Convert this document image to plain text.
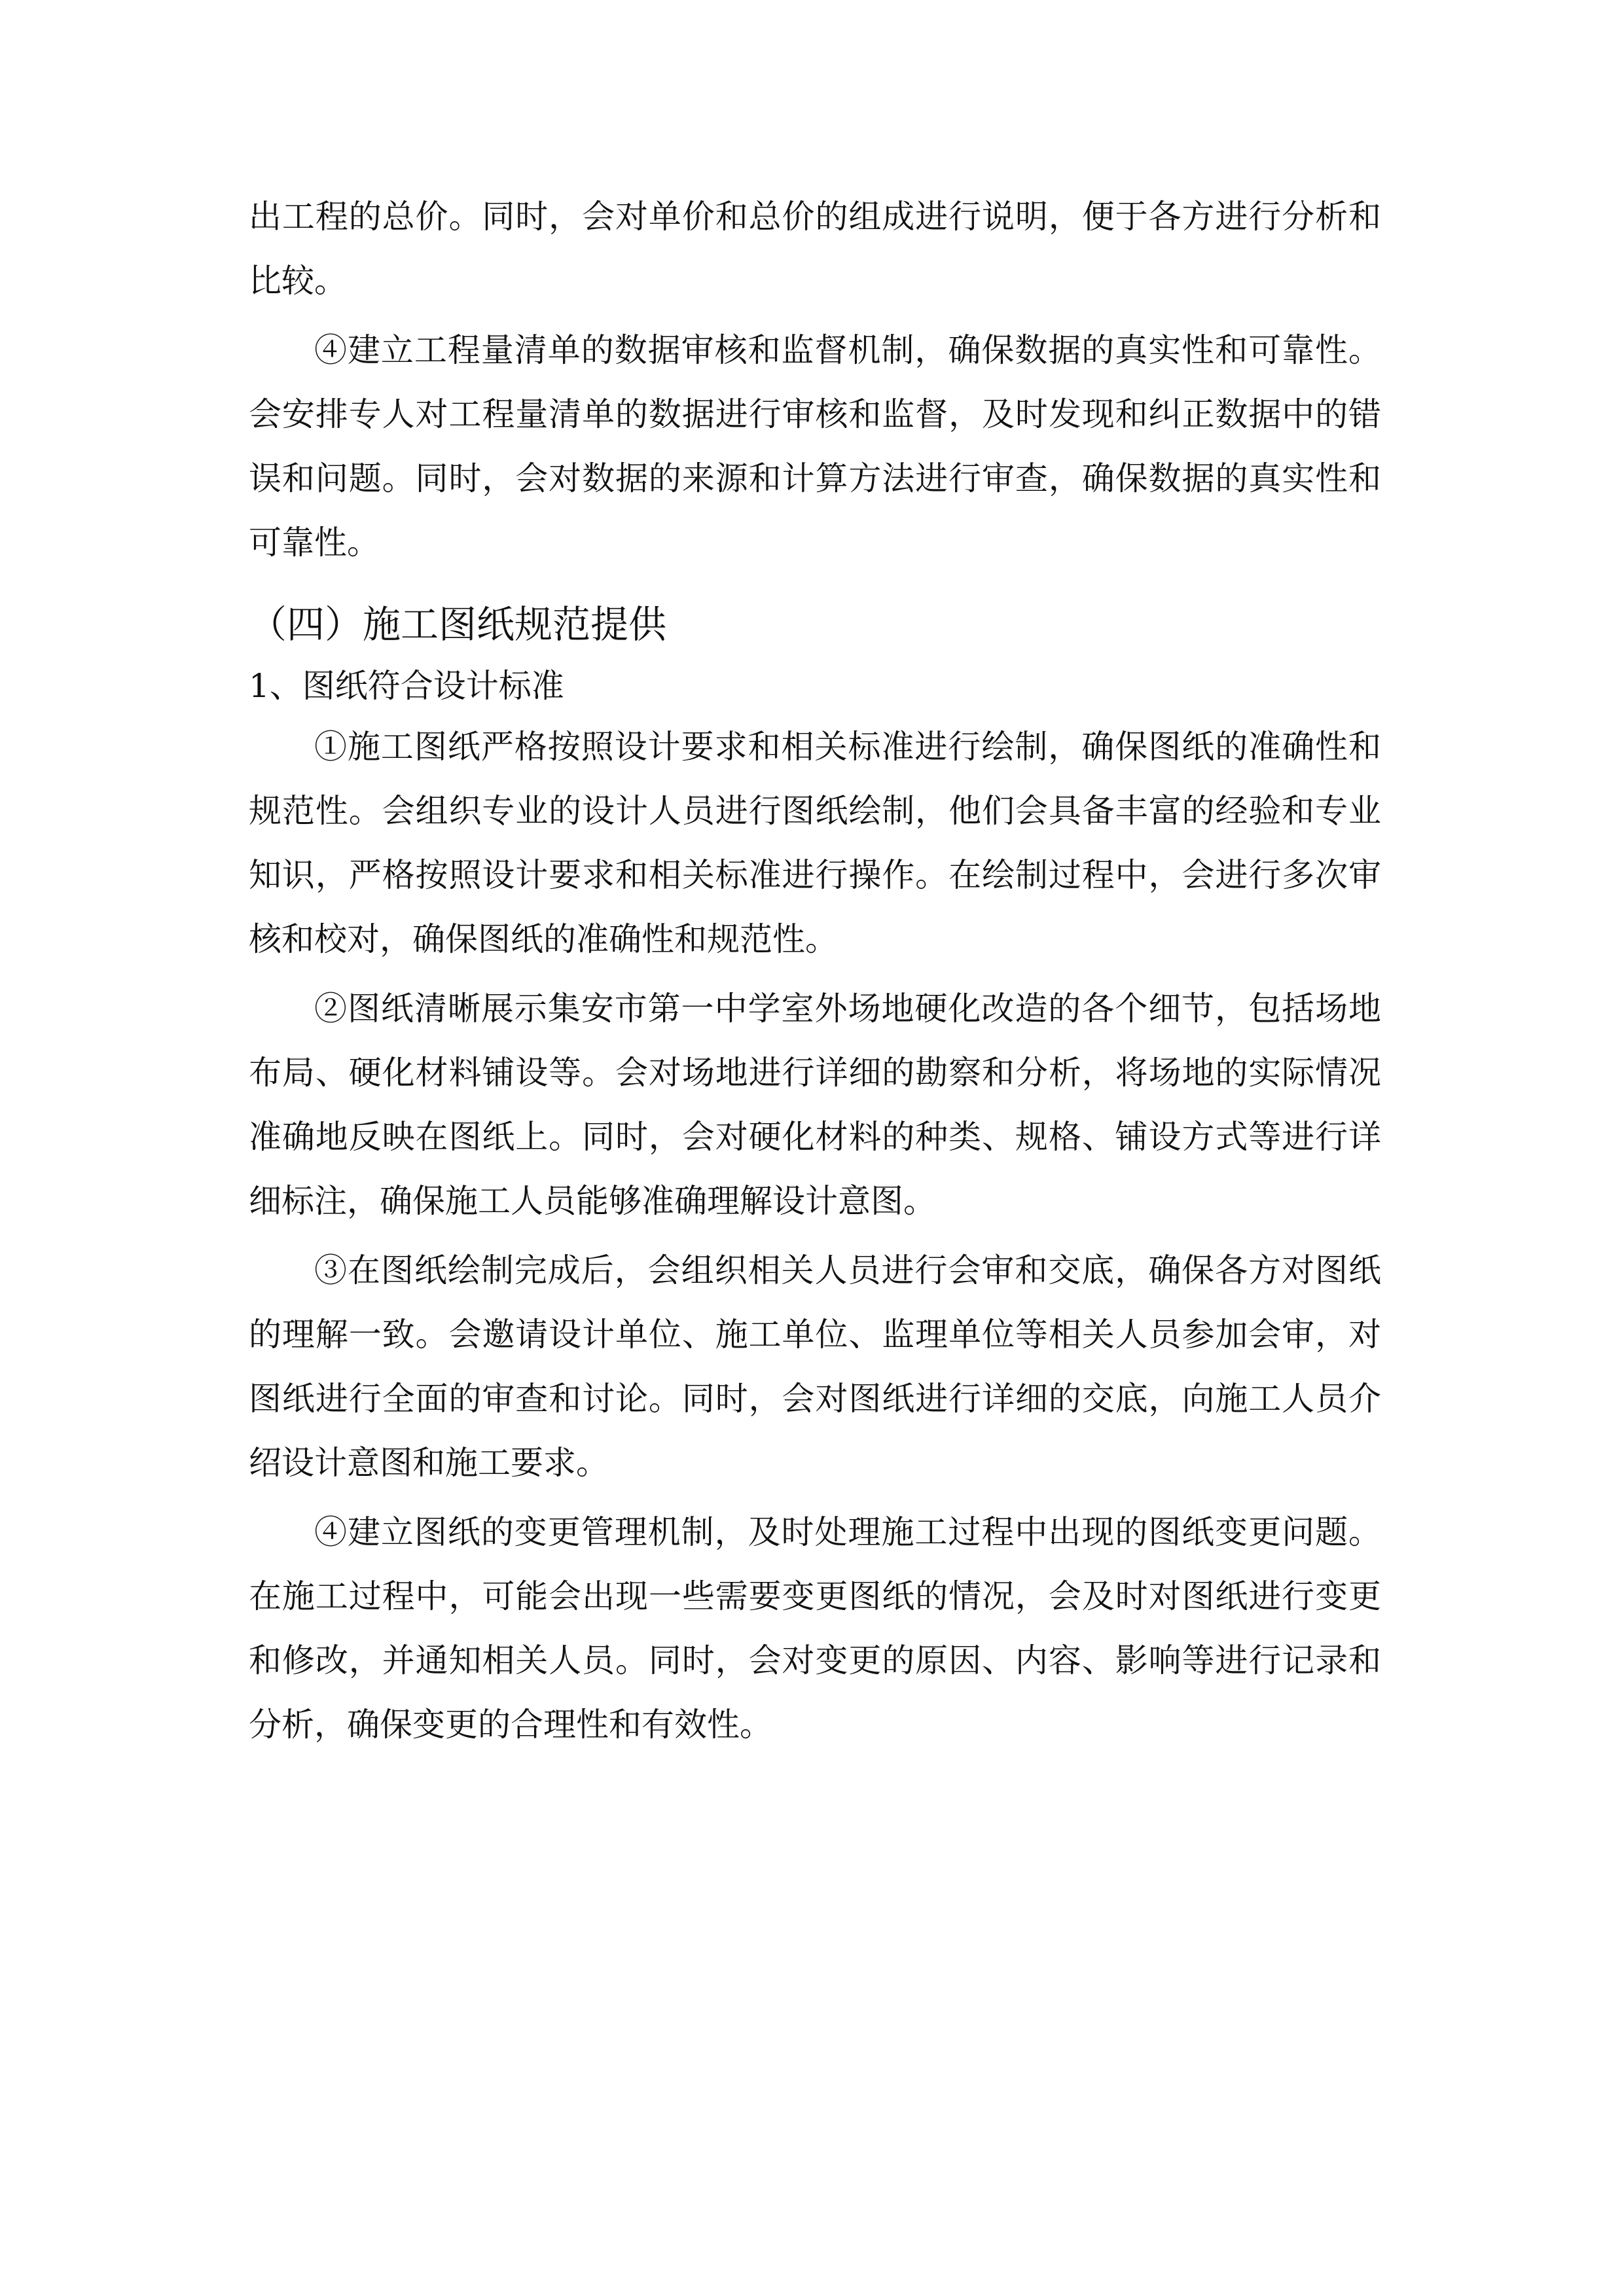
出工程的总价。同时，会对单价和总价的组成进行说明，便于各方进行分析和比较。

④建立工程量清单的数据审核和监督机制，确保数据的真实性和可靠性。会安排专人对工程量清单的数据进行审核和监督，及时发现和纠正数据中的错误和问题。同时，会对数据的来源和计算方法进行审查，确保数据的真实性和可靠性。

（四）施工图纸规范提供
1、图纸符合设计标准

①施工图纸严格按照设计要求和相关标准进行绘制，确保图纸的准确性和规范性。会组织专业的设计人员进行图纸绘制，他们会具备丰富的经验和专业知识，严格按照设计要求和相关标准进行操作。在绘制过程中，会进行多次审核和校对，确保图纸的准确性和规范性。

②图纸清晰展示集安市第一中学室外场地硬化改造的各个细节，包括场地布局、硬化材料铺设等。会对场地进行详细的勘察和分析，将场地的实际情况准确地反映在图纸上。同时，会对硬化材料的种类、规格、铺设方式等进行详细标注，确保施工人员能够准确理解设计意图。

③在图纸绘制完成后，会组织相关人员进行会审和交底，确保各方对图纸的理解一致。会邀请设计单位、施工单位、监理单位等相关人员参加会审，对图纸进行全面的审查和讨论。同时，会对图纸进行详细的交底，向施工人员介绍设计意图和施工要求。

④建立图纸的变更管理机制，及时处理施工过程中出现的图纸变更问题。在施工过程中，可能会出现一些需要变更图纸的情况，会及时对图纸进行变更和修改，并通知相关人员。同时，会对变更的原因、内容、影响等进行记录和分析，确保变更的合理性和有效性。
